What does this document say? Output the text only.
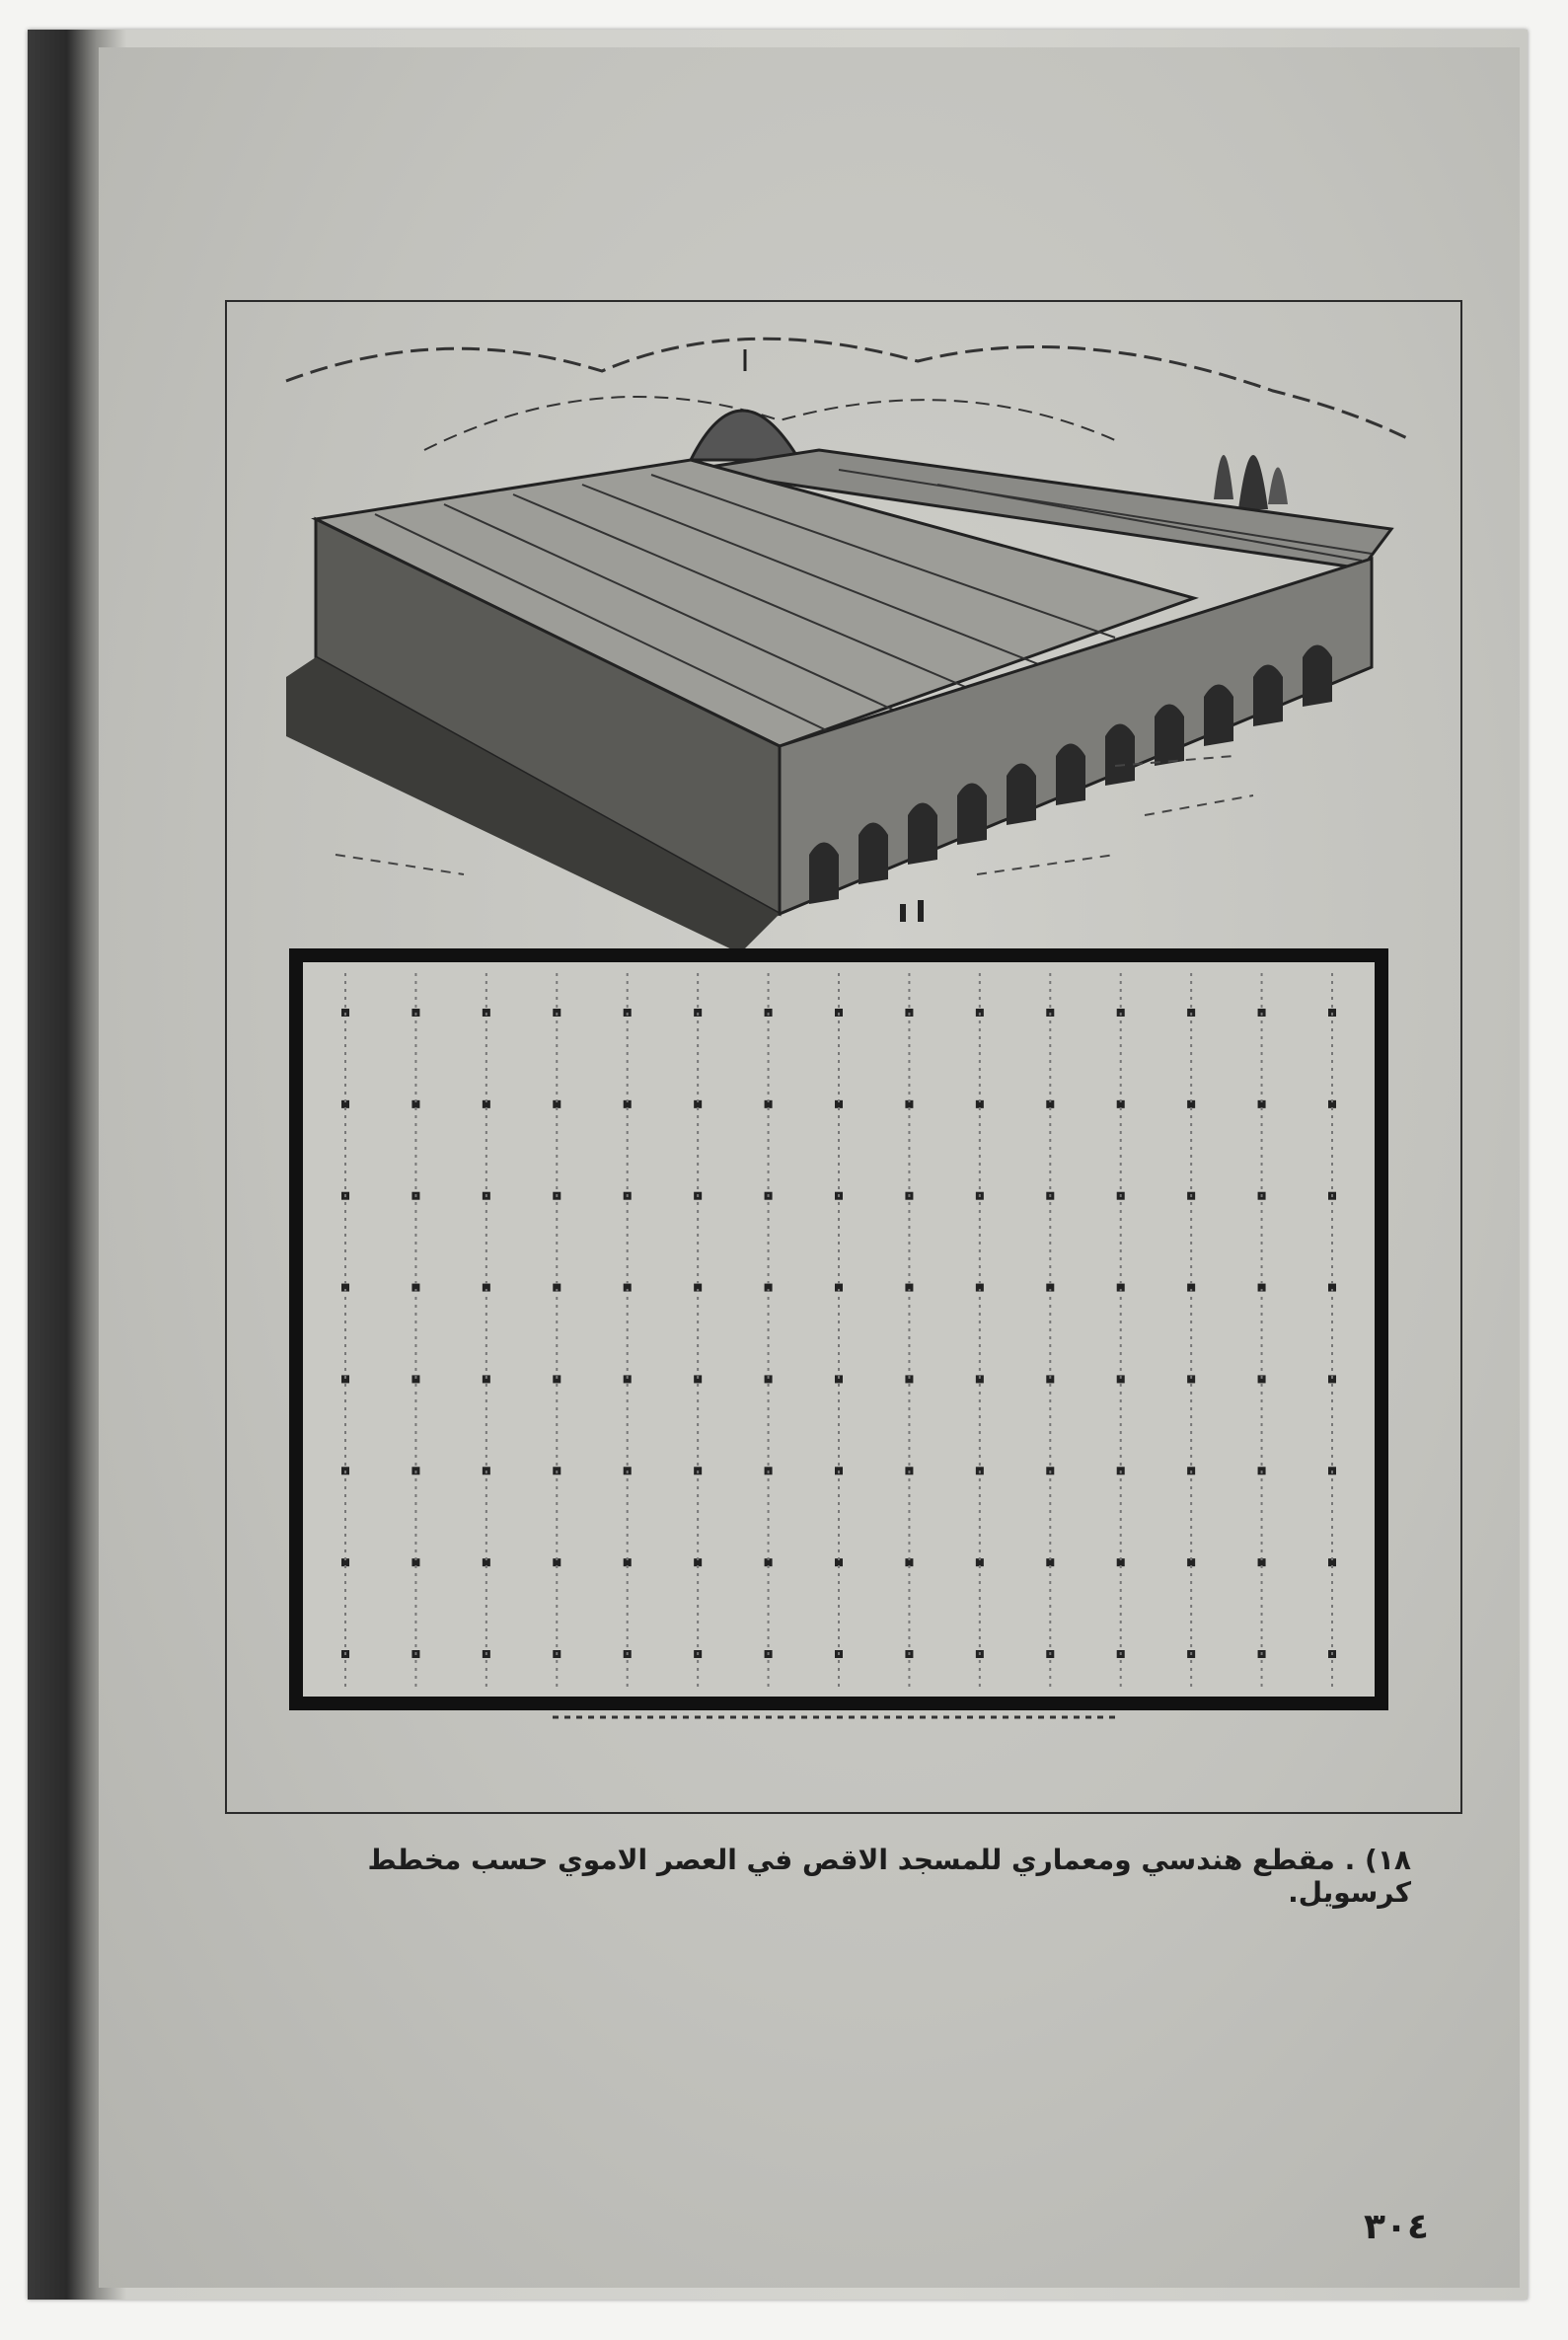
١٨) . مقطع هندسي ومعماري للمسجد الاقص في العصر الاموي حسب مخطط كرسويل.

٣٠٤
